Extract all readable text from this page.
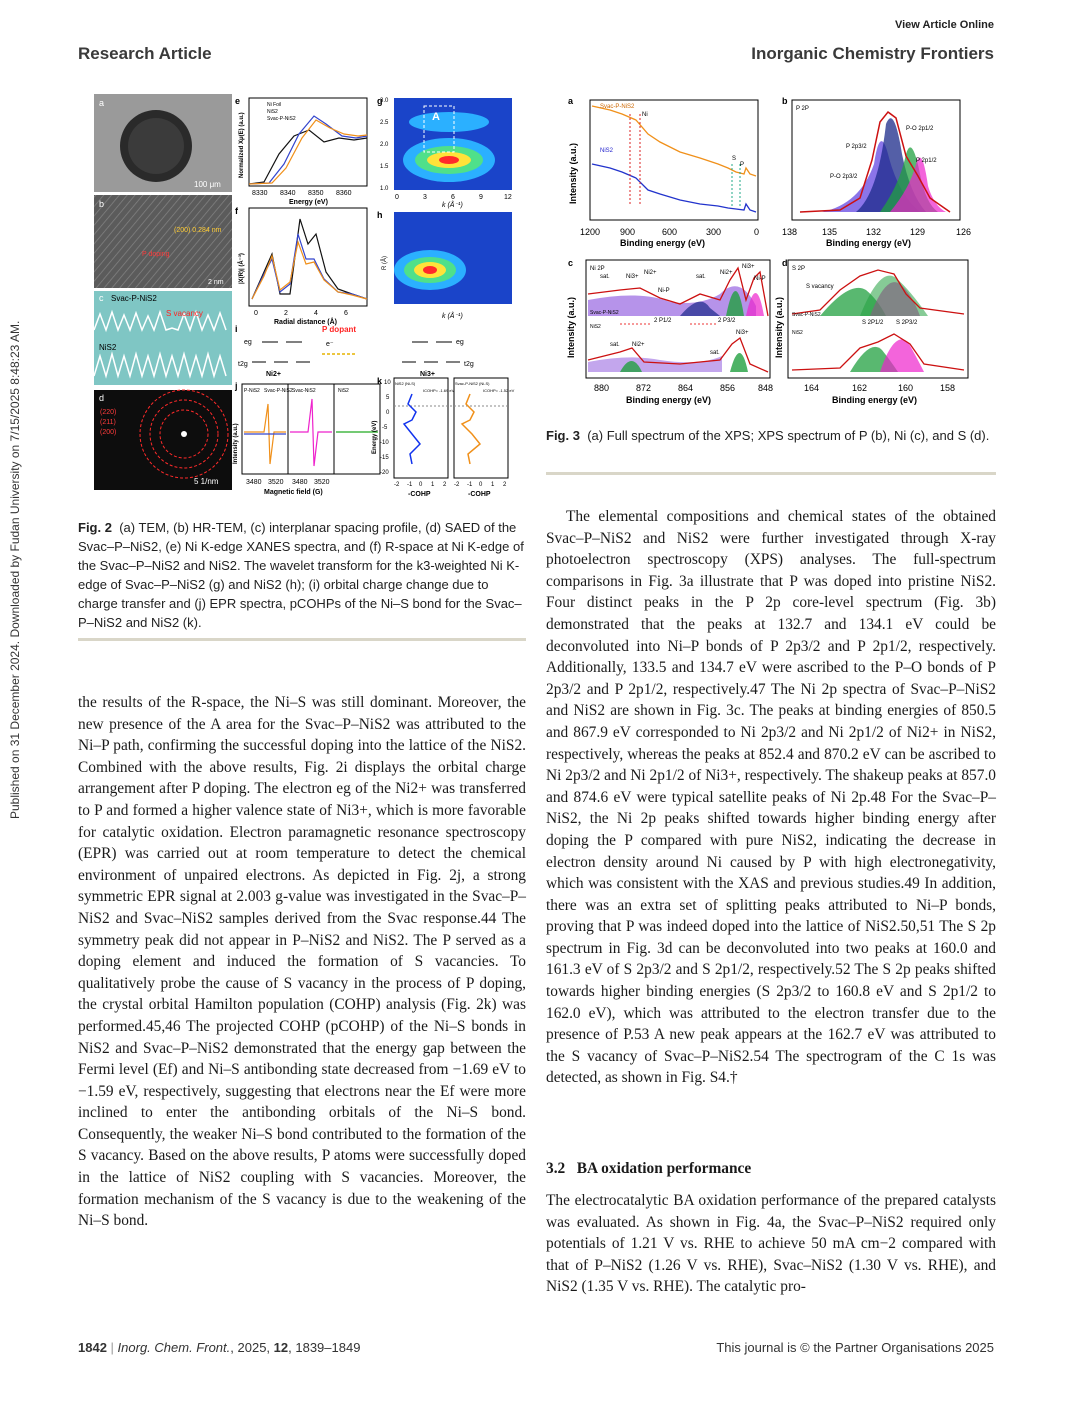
View Article Online
Research Article	Inorganic Chemistry Frontiers
Published on 31 December 2024. Downloaded by Fudan University on 7/15/2025 8:48:23 AM.
a
100 μm
b
(200) 0.284 nm
P doping
2 nm
c Svac-P-NiS2
S vacancy
NiS2
d
(220)
(211)
(200)
5 1/nm
e	Ni Foil
NiS2
Svac-P-NiS2
8330 8340 8350 8360
Energy (eV)
Normalized Xμ(E) (a.u.)	A
g
3.0
2.5
2.0
1.5
1.0
0	3	6	9	12
k (Å⁻¹)
f
0	2	4	6
Radial distance (Å)
|X(R)| (Å⁻³)
h
R (Å)
k (Å⁻¹)
i
eg
t2g
Ni2+
P dopant
e⁻	eg
t2g
Ni3+
j P-NiS2 Svac-P-NiS2 Svac-NiS2	NiS2
3480 3520 3480 3520
Magnetic field (G)
Intensity (a.u.)
k	NiS2 (Ni-S)	Svac-P-NiS2 (Ni-S)
ICOHP= -1.69 eV	ICOHP= -1.52 eV
10
5
0
-5
-10
-15
-20
-2 -1 0 1 2 -2 -1 0 1 2
-COHP	-COHP
Energy (eV)
Fig. 2 (a) TEM, (b) HR-TEM, (c) interplanar spacing profile, (d) SAED of the Svac–P–NiS2, (e) Ni K-edge XANES spectra, and (f) R-space at Ni K-edge of the Svac–P–NiS2 and NiS2. The wavelet transform for the k3-weighted Ni K-edge of Svac–P–NiS2 (g) and NiS2 (h); (i) orbital charge change due to charge transfer and (j) EPR spectra, pCOHPs of the Ni–S bond for the Svac–P–NiS2 and NiS2 (k).
a
Svac-P-NiS2
NiS2
Ni
S
P
1200 900	600	300	0
Binding energy (eV)
Intensity (a.u.)
b
P 2P
P-O 2p1/2
P 2p3/2
P 2p1/2
P-O 2p3/2
138	135	132	129	126
Binding energy (eV)
c
Ni 2P
sat.	Ni3+
Ni2+
Ni-P
sat.
Ni3+
Ni2+
Ni-P
2 P1/2	2 P3/2
Svac-P-NiS2
NiS2
sat. Ni2+
sat.
Ni3+
880	872	864	856	848
Binding energy (eV)
Intensity (a.u.)
d
S 2P
S vacancy
Svac-P-NiS2
S 2P1/2 S 2P3/2
NiS2
164	162	160	158
Binding energy (eV)
Intensity (a.u.)
Fig. 3 (a) Full spectrum of the XPS; XPS spectrum of P (b), Ni (c), and S (d).

the results of the R-space, the Ni–S was still dominant. Moreover, the new presence of the A area for the Svac–P–NiS2 was attributed to the Ni–P path, confirming the successful doping into the lattice of the NiS2. Combined with the above results, Fig. 2i displays the orbital charge arrangement after P doping. The electron eg of the Ni2+ was transferred to P and formed a higher valence state of Ni3+, which is more favorable for catalytic oxidation. Electron paramagnetic resonance spectroscopy (EPR) was carried out at room temperature to detect the chemical environment of unpaired electrons. As depicted in Fig. 2j, a strong symmetric EPR signal at 2.003 g-value was investigated in the Svac–P–NiS2 and Svac–NiS2 samples derived from the Svac response.44 The symmetry peak did not appear in P–NiS2 and NiS2. The P served as a doping element and induced the formation of S vacancies. To qualitatively probe the cause of S vacancy in the process of P doping, the crystal orbital Hamilton population (COHP) analysis (Fig. 2k) was performed.45,46 The projected COHP (pCOHP) of the Ni–S bonds in NiS2 and Svac–P–NiS2 demonstrated that the energy gap between the Fermi level (Ef) and Ni–S antibonding state decreased from −1.69 eV to −1.59 eV, respectively, suggesting that electrons near the Ef were more inclined to enter the antibonding orbitals of the Ni–S bond. Consequently, the weaker Ni–S bond contributed to the formation of the S vacancy. Based on the above results, P atoms were successfully doped in the lattice of NiS2 coupling with S vacancies. Moreover, the formation mechanism of the S vacancy is due to the weakening of the Ni–S bond.

The elemental compositions and chemical states of the obtained Svac–P–NiS2 and NiS2 were further investigated through X-ray photoelectron spectroscopy (XPS) analyses. The full-spectrum comparisons in Fig. 3a illustrate that P was doped into pristine NiS2. Four distinct peaks in the P 2p core-level spectrum (Fig. 3b) demonstrated that the peaks at 132.7 and 134.1 eV could be deconvoluted into Ni–P bonds of P 2p3/2 and P 2p1/2, respectively. Additionally, 133.5 and 134.7 eV were ascribed to the P–O bonds of P 2p3/2 and P 2p1/2, respectively.47 The Ni 2p spectra of Svac–P–NiS2 and NiS2 are shown in Fig. 3c. The peaks at binding energies of 850.5 and 867.9 eV corresponded to Ni 2p3/2 and Ni 2p1/2 of Ni2+ in NiS2, respectively, whereas the peaks at 852.4 and 870.2 eV can be ascribed to Ni 2p3/2 and Ni 2p1/2 of Ni3+, respectively. The shakeup peaks at 857.0 and 874.6 eV were typical satellite peaks of Ni 2p.48 For the Svac–P–NiS2, the Ni 2p peaks shifted towards higher binding energy after doping the P compared with pure NiS2, indicating the decrease in electron density around Ni caused by P with high electronegativity, which was consistent with the XAS and previous studies.49 In addition, there was an extra set of splitting peaks attributed to Ni–P bonds, proving that P was indeed doped into the lattice of NiS2.50,51 The S 2p spectrum in Fig. 3d can be deconvoluted into two peaks at 160.0 and 161.3 eV of S 2p3/2 and S 2p1/2, respectively.52 The S 2p peaks shifted towards higher binding energies (S 2p3/2 to 160.8 eV and S 2p1/2 to 162.0 eV), which was attributed to the electron transfer due to the presence of P.53 A new peak appears at the 162.7 eV was attributed to the S vacancy of Svac–P–NiS2.54 The spectrogram of the C 1s was detected, as shown in Fig. S4.†

3.2 BA oxidation performance

The electrocatalytic BA oxidation performance of the prepared catalysts was evaluated. As shown in Fig. 4a, the Svac–P–NiS2 required only potentials of 1.21 V vs. RHE to achieve 50 mA cm−2 compared with that of P–NiS2 (1.26 V vs. RHE), Svac–NiS2 (1.30 V vs. RHE), and NiS2 (1.35 V vs. RHE). The catalytic pro-

1842 | Inorg. Chem. Front., 2025, 12, 1839–1849	This journal is © the Partner Organisations 2025
